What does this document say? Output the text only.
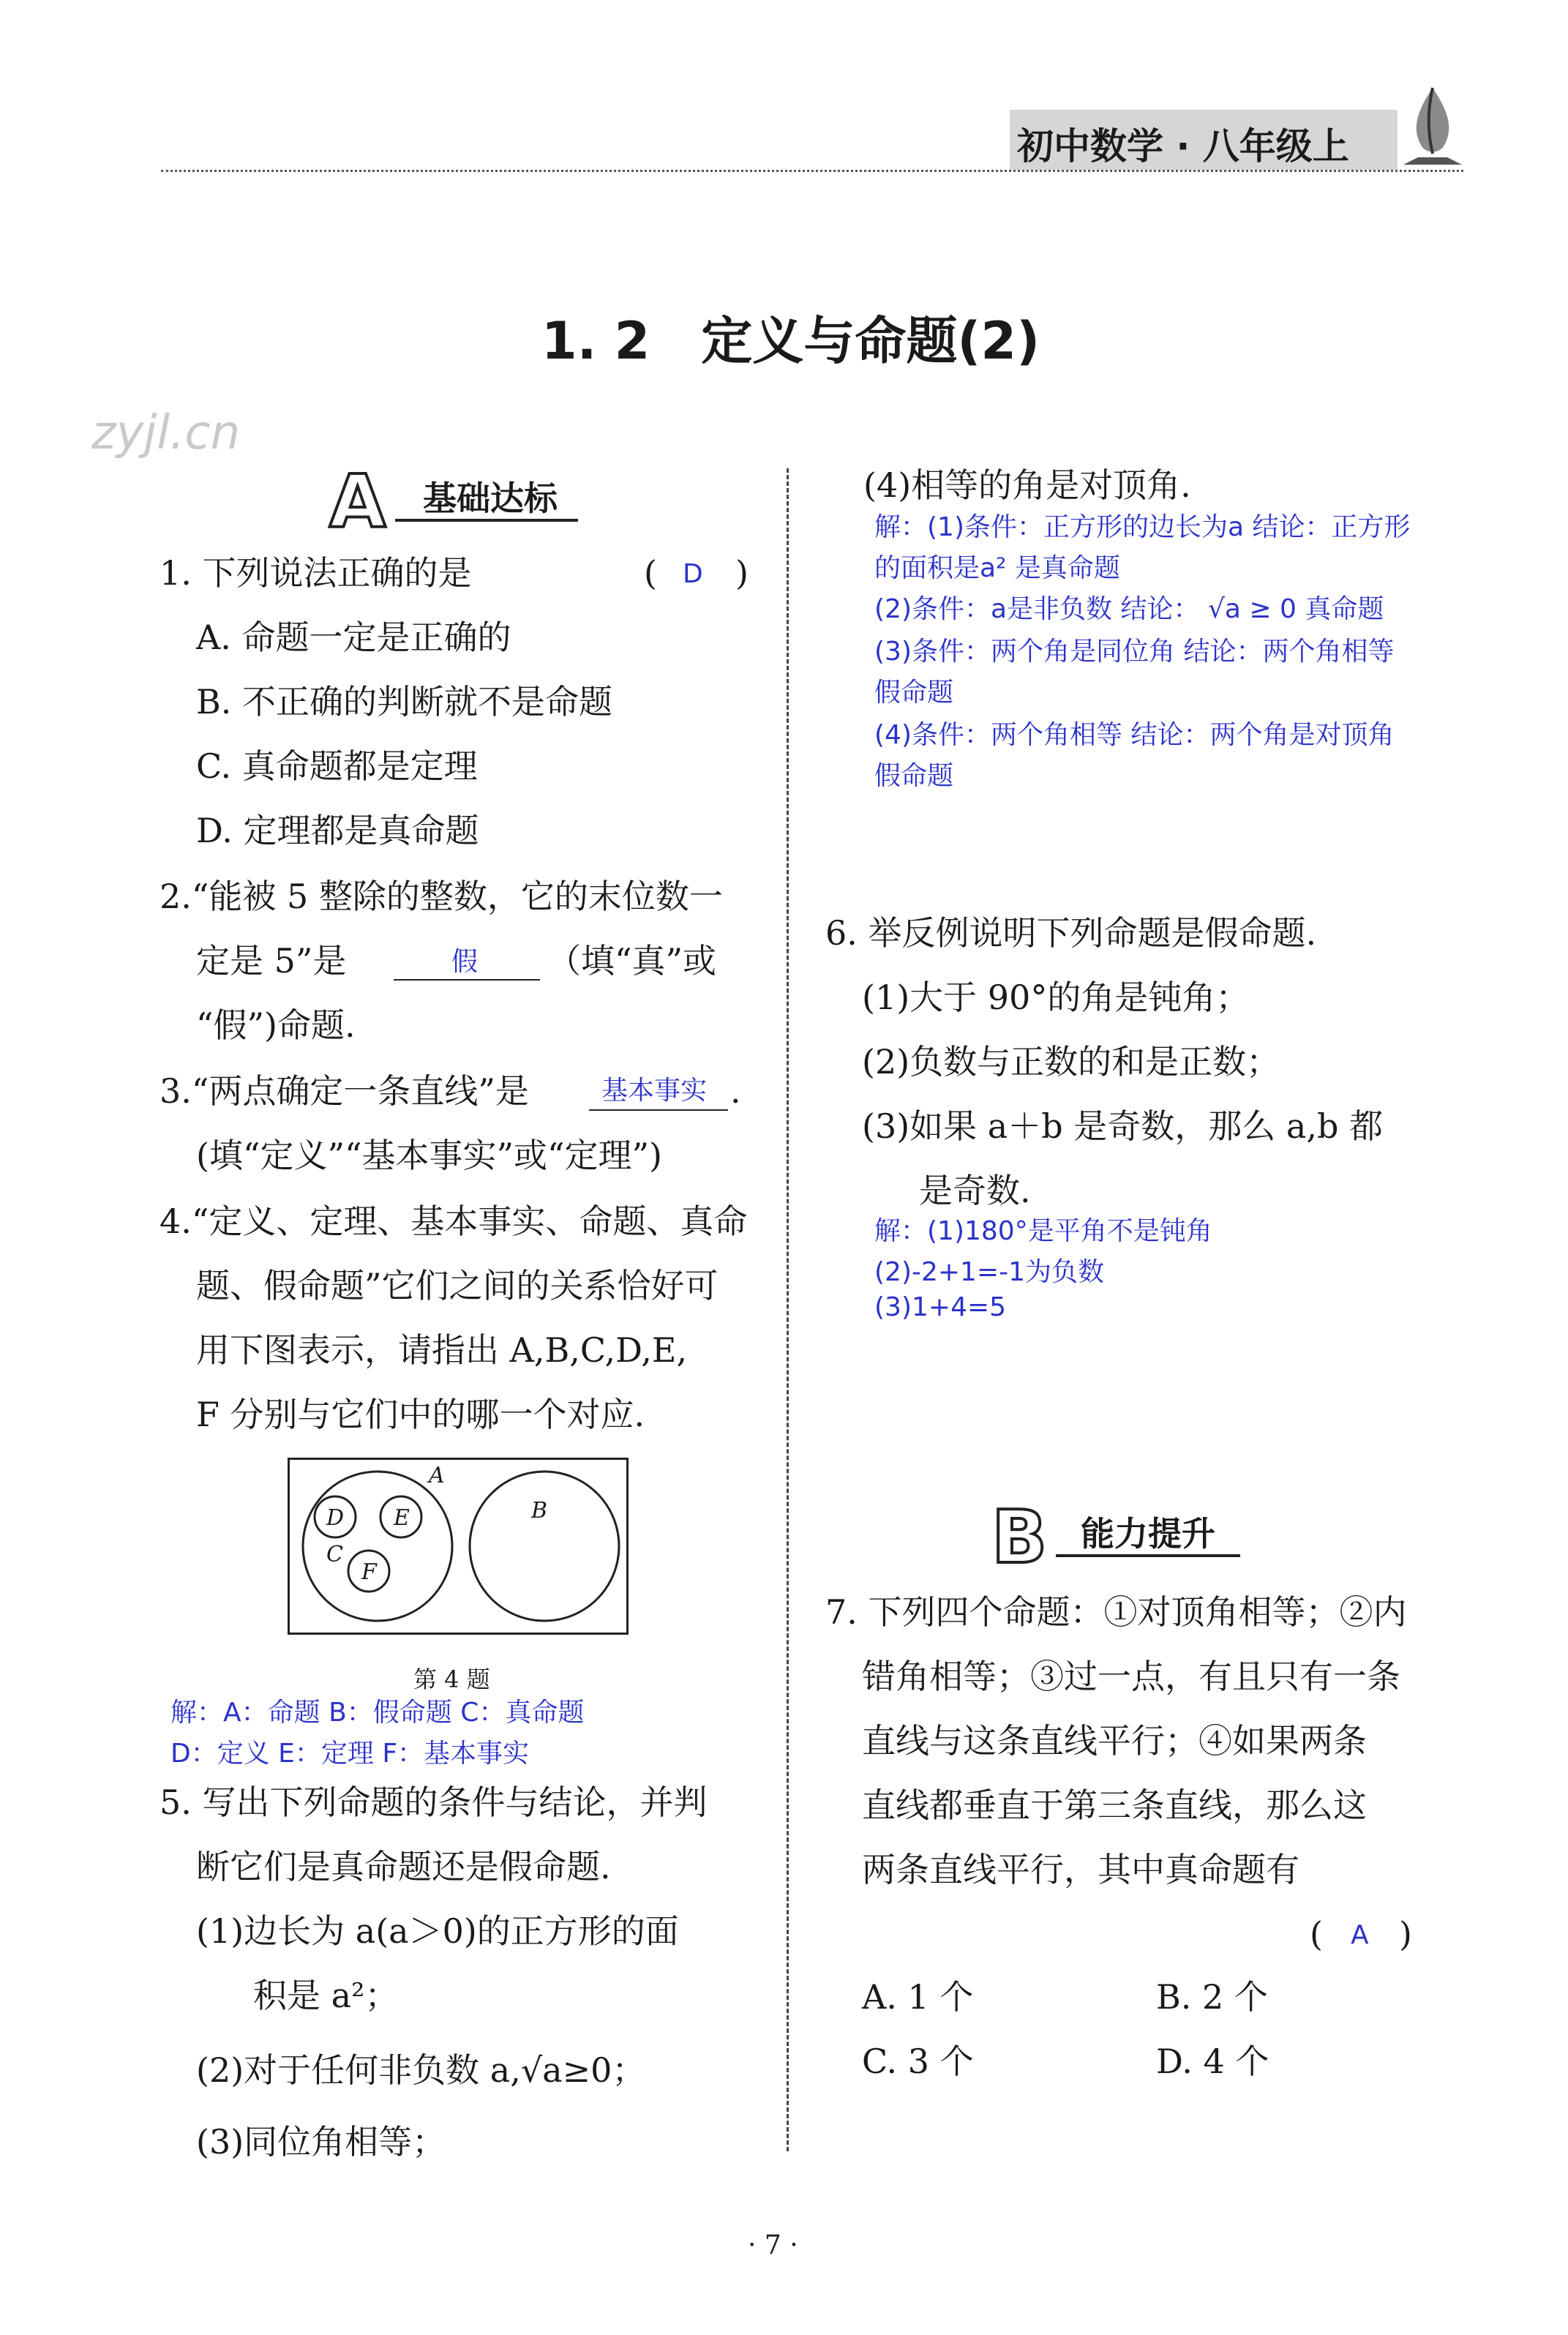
初中数学 · 八年级上
zyjl.cn
1. 2　定义与命题(2)
A 基础达标
1. 下列说法正确的是	( D )
A. 命题一定是正确的
B. 不正确的判断就不是命题
C. 真命题都是定理
D. 定理都是真命题
2.“能被 5 整除的整数，它的末位数一
定是 5”是	假 （填“真”或
“假”)命题.
3.“两点确定一条直线”是	基本事实 .
(填“定义”“基本事实”或“定理”)
4.“定义、定理、基本事实、命题、真命
题、假命题”它们之间的关系恰好可
用下图表示，请指出 A,B,C,D,E,
F 分别与它们中的哪一个对应.
A
B
C
D E
F
第 4 题
解：A：命题 B：假命题 C：真命题
D：定义 E：定理 F：基本事实
5. 写出下列命题的条件与结论，并判
断它们是真命题还是假命题.
(1)边长为 a(a＞0)的正方形的面
积是 a²；
(2)对于任何非负数 a,√a≥0；
(3)同位角相等；
(4)相等的角是对顶角.
解：(1)条件：正方形的边长为a 结论：正方形
的面积是a² 是真命题
(2)条件：a是非负数 结论： √a ≥ 0 真命题
(3)条件：两个角是同位角 结论：两个角相等
假命题
(4)条件：两个角相等 结论：两个角是对顶角
假命题
6. 举反例说明下列命题是假命题.
(1)大于 90°的角是钝角；
(2)负数与正数的和是正数；
(3)如果 a＋b 是奇数，那么 a,b 都
是奇数.
解：(1)180°是平角不是钝角
(2)-2+1=-1为负数
(3)1+4=5
B 能力提升
7. 下列四个命题：①对顶角相等；②内
错角相等；③过一点，有且只有一条
直线与这条直线平行；④如果两条
直线都垂直于第三条直线，那么这
两条直线平行，其中真命题有
( A )
A. 1 个	B. 2 个
C. 3 个	D. 4 个
· 7 ·
